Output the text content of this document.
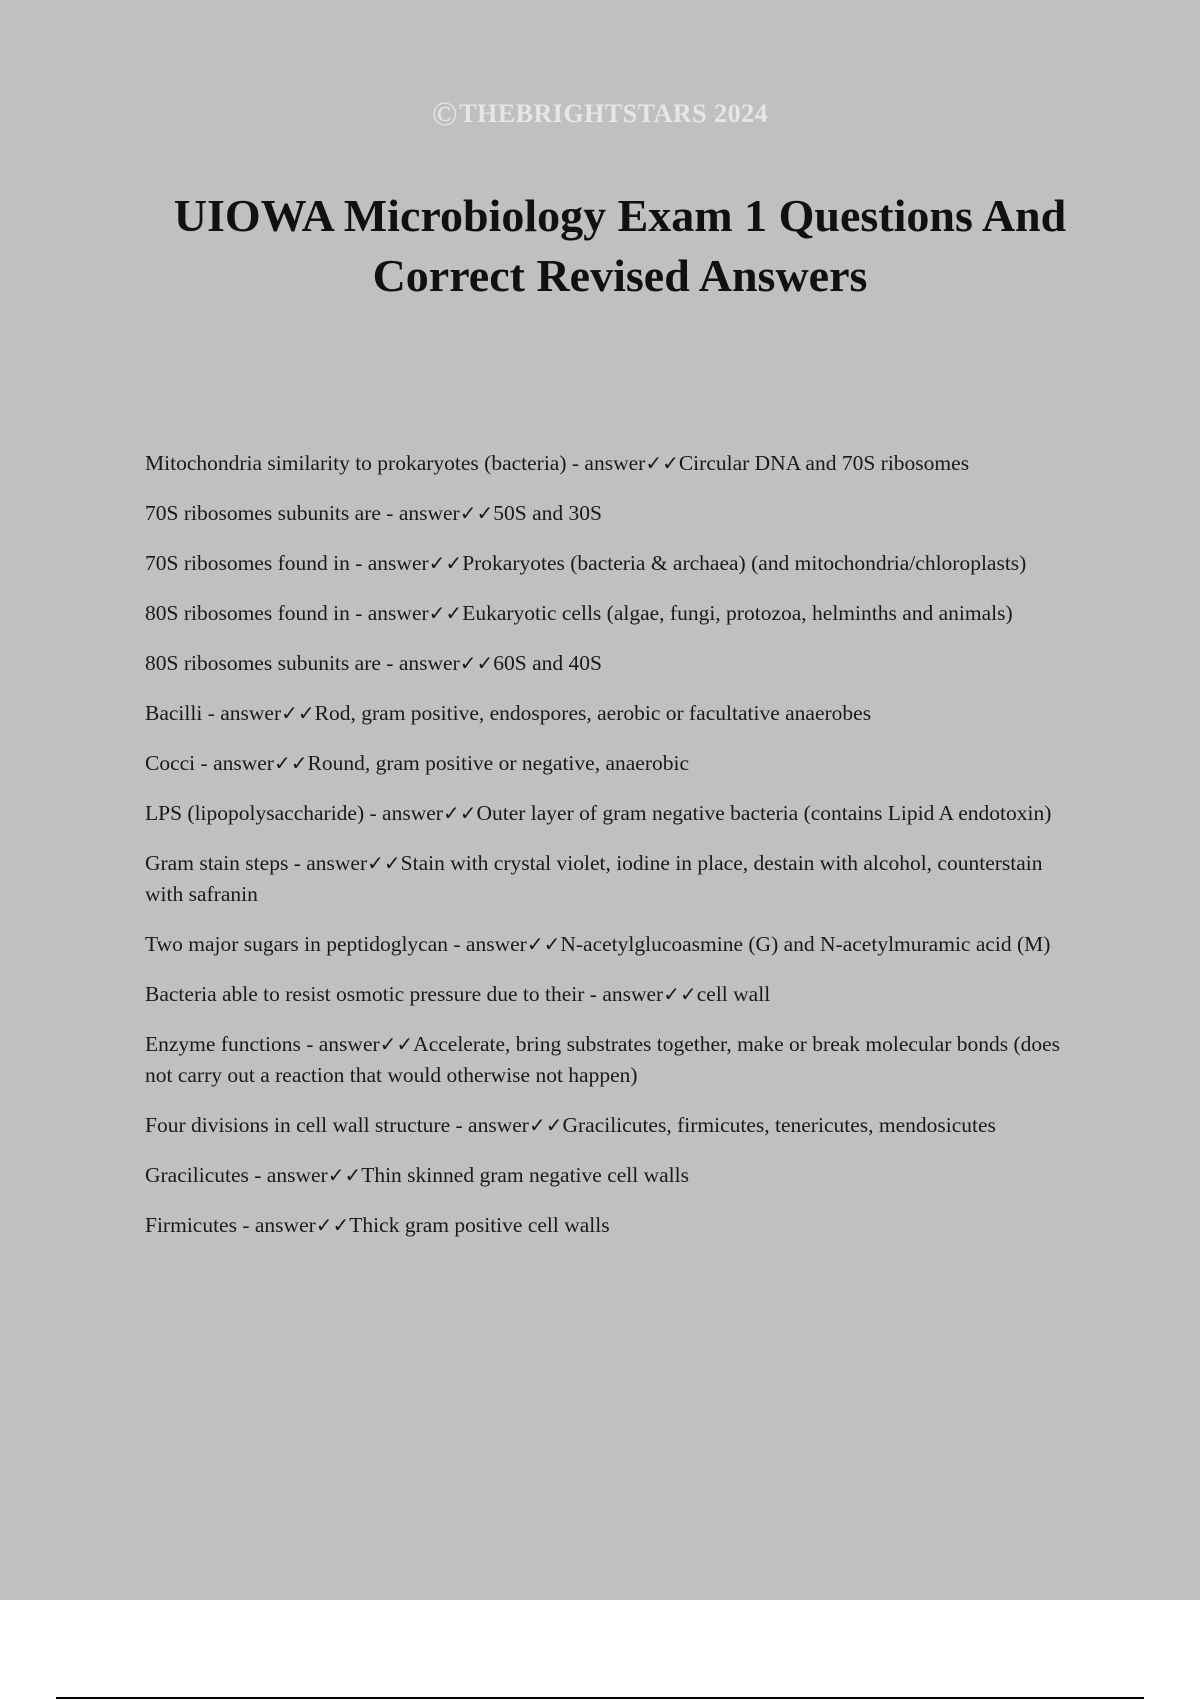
©THEBRIGHTSTARS 2024
UIOWA Microbiology Exam 1 Questions And Correct Revised Answers
Mitochondria similarity to prokaryotes (bacteria) - answer✓✓Circular DNA and 70S ribosomes
70S ribosomes subunits are - answer✓✓50S and 30S
70S ribosomes found in - answer✓✓Prokaryotes (bacteria & archaea) (and mitochondria/chloroplasts)
80S ribosomes found in - answer✓✓Eukaryotic cells (algae, fungi, protozoa, helminths and animals)
80S ribosomes subunits are - answer✓✓60S and 40S
Bacilli - answer✓✓Rod, gram positive, endospores, aerobic or facultative anaerobes
Cocci - answer✓✓Round, gram positive or negative, anaerobic
LPS (lipopolysaccharide) - answer✓✓Outer layer of gram negative bacteria (contains Lipid A endotoxin)
Gram stain steps - answer✓✓Stain with crystal violet, iodine in place, destain with alcohol, counterstain with safranin
Two major sugars in peptidoglycan - answer✓✓N-acetylglucoasmine (G) and N-acetylmuramic acid (M)
Bacteria able to resist osmotic pressure due to their - answer✓✓cell wall
Enzyme functions - answer✓✓Accelerate, bring substrates together, make or break molecular bonds (does not carry out a reaction that would otherwise not happen)
Four divisions in cell wall structure - answer✓✓Gracilicutes, firmicutes, tenericutes, mendosicutes
Gracilicutes - answer✓✓Thin skinned gram negative cell walls
Firmicutes - answer✓✓Thick gram positive cell walls
